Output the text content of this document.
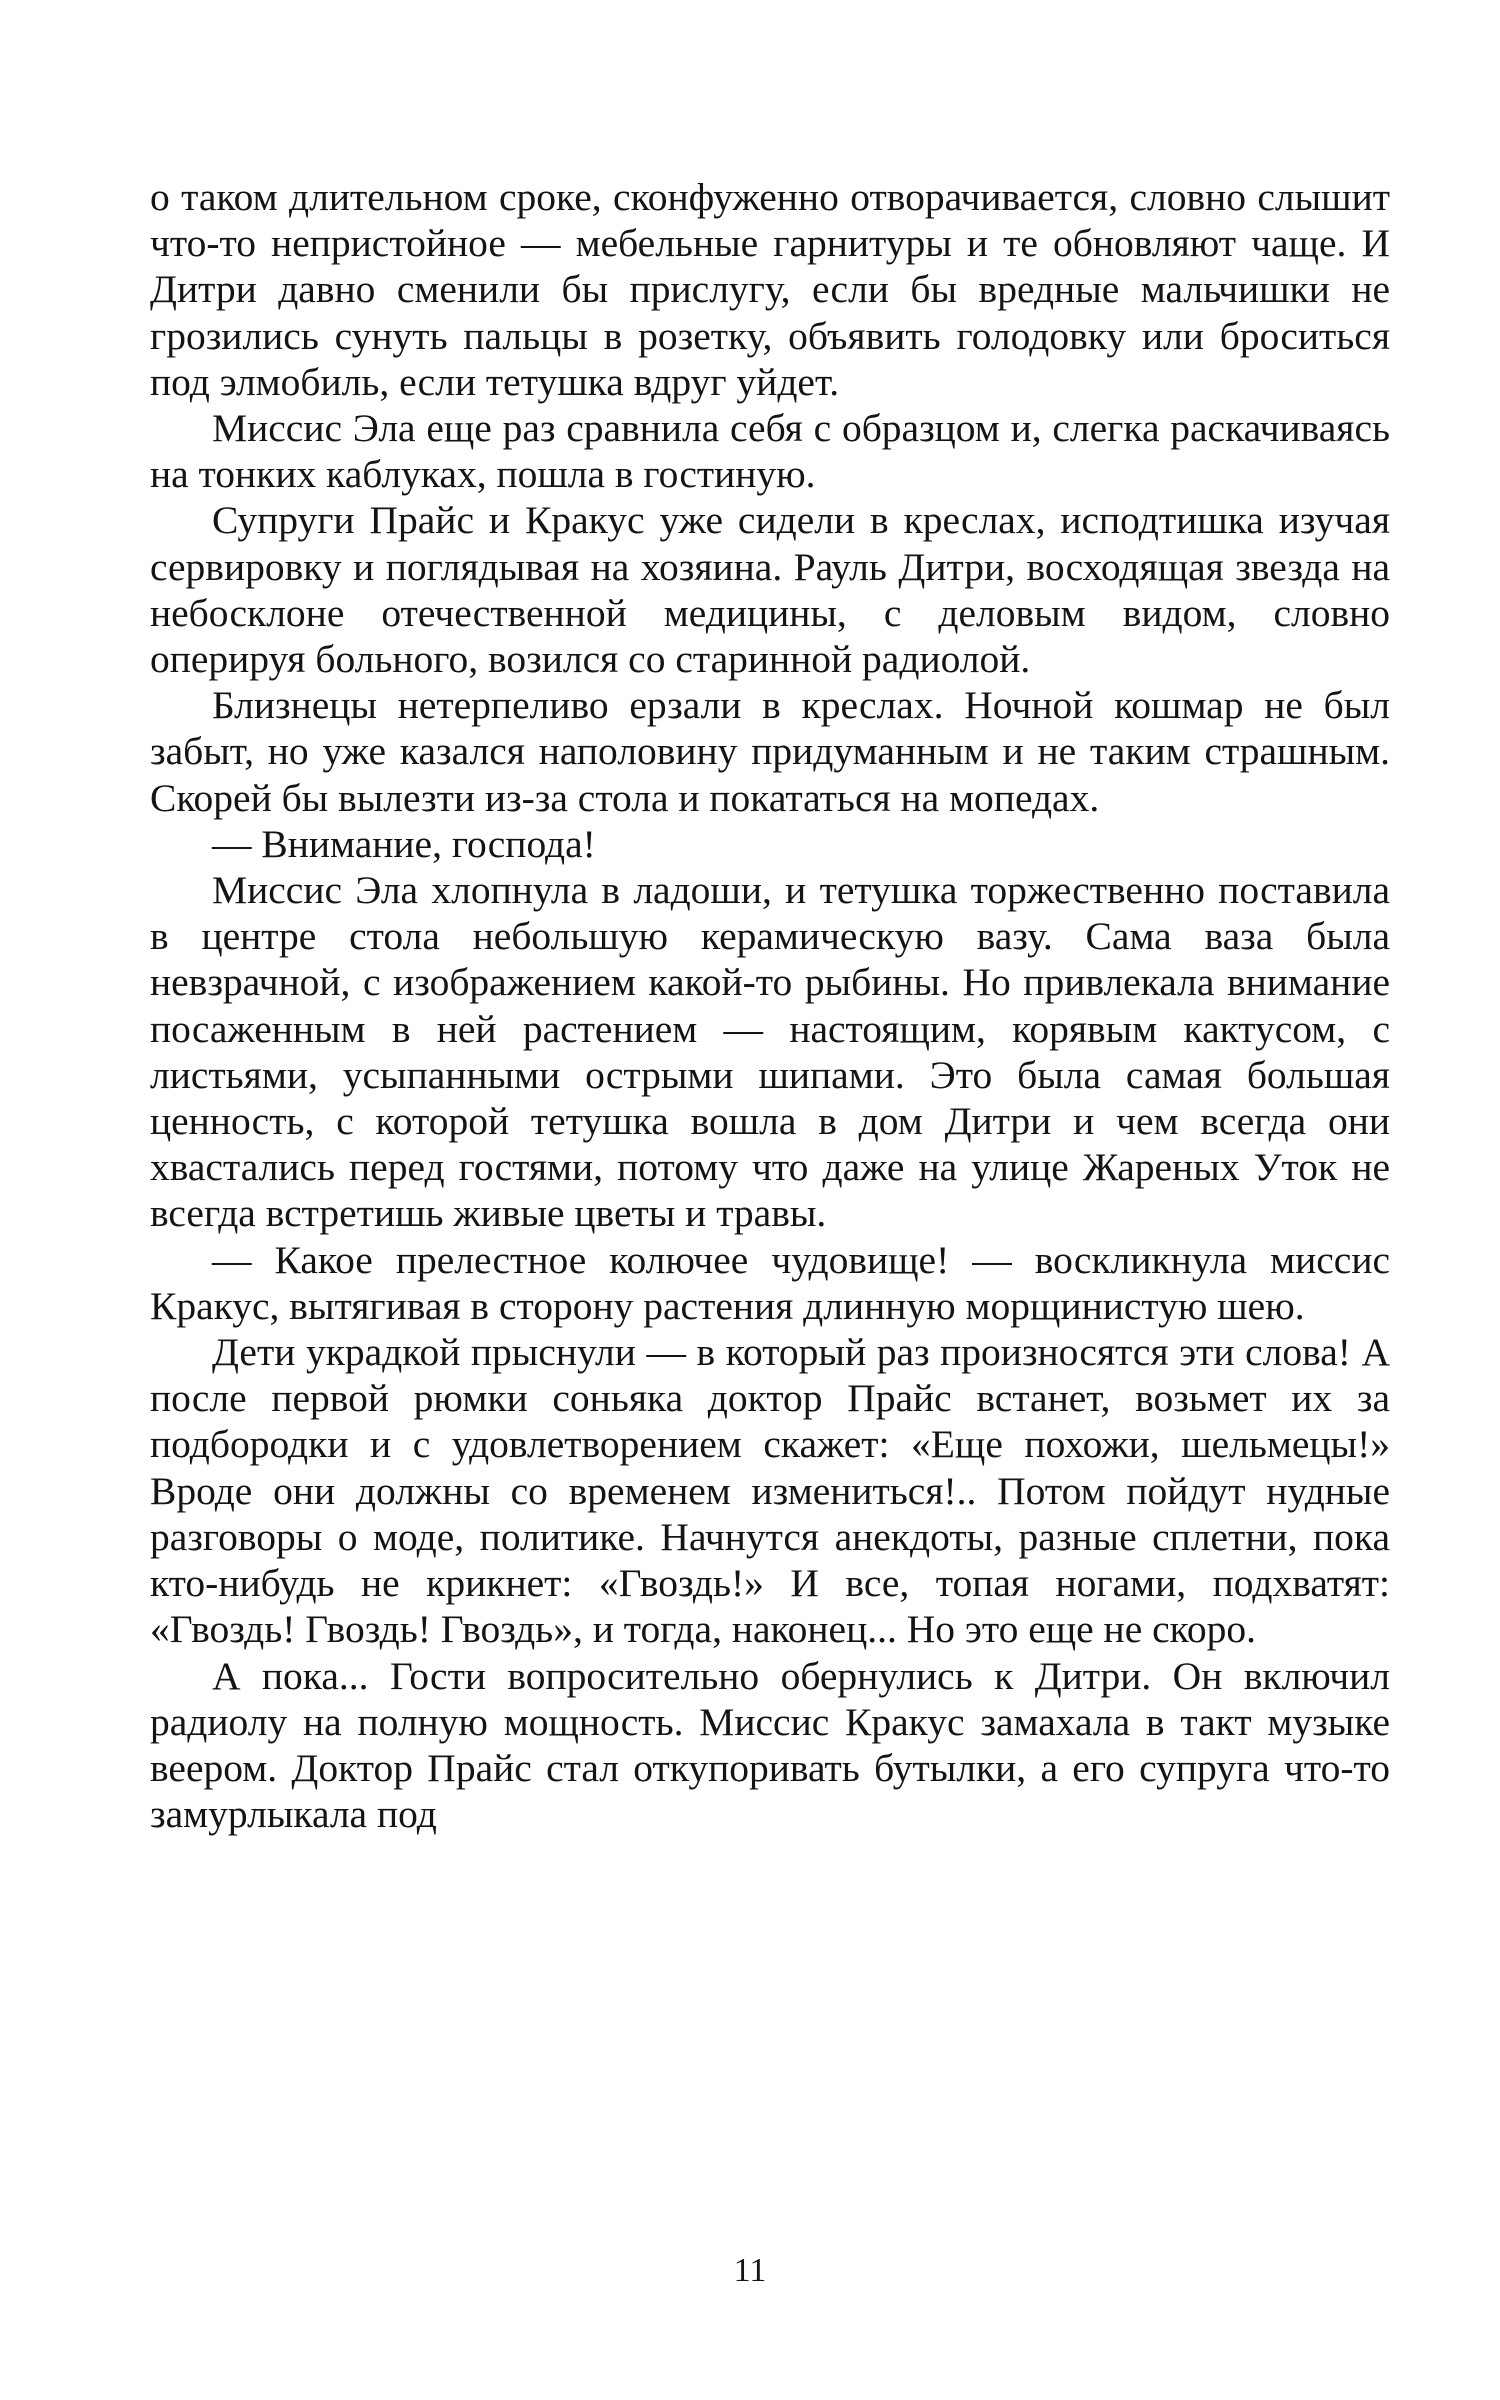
о таком длительном сроке, сконфуженно отворачивается, словно слышит что-то непристойное — мебельные гарнитуры и те обновляют чаще. И Дитри давно сменили бы прислугу, если бы вредные мальчишки не грозились сунуть пальцы в розетку, объявить голодовку или броситься под элмобиль, если тетушка вдруг уйдет.

Миссис Эла еще раз сравнила себя с образцом и, слегка раскачиваясь на тонких каблуках, пошла в гостиную.

Супруги Прайс и Кракус уже сидели в креслах, исподтишка изучая сервировку и поглядывая на хозяина. Рауль Дитри, восходящая звезда на небосклоне отечественной медицины, с деловым видом, словно оперируя больного, возился со старинной радиолой.

Близнецы нетерпеливо ерзали в креслах. Ночной кошмар не был забыт, но уже казался наполовину придуманным и не таким страшным. Скорей бы вылезти из-за стола и покататься на мопедах.

— Внимание, господа!

Миссис Эла хлопнула в ладоши, и тетушка торжественно поставила в центре стола небольшую керамическую вазу. Сама ваза была невзрачной, с изображением какой-то рыбины. Но привлекала внимание посаженным в ней растением — настоящим, корявым кактусом, с листьями, усыпанными острыми шипами. Это была самая большая ценность, с которой тетушка вошла в дом Дитри и чем всегда они хвастались перед гостями, потому что даже на улице Жареных Уток не всегда встретишь живые цветы и травы.

— Какое прелестное колючее чудовище! — воскликнула миссис Кракус, вытягивая в сторону растения длинную морщинистую шею.

Дети украдкой прыснули — в который раз произносятся эти слова! А после первой рюмки соньяка доктор Прайс встанет, возьмет их за подбородки и с удовлетворением скажет: «Еще похожи, шельмецы!» Вроде они должны со временем измениться!.. Потом пойдут нудные разговоры о моде, политике. Начнутся анекдоты, разные сплетни, пока кто-нибудь не крикнет: «Гвоздь!» И все, топая ногами, подхватят: «Гвоздь! Гвоздь! Гвоздь», и тогда, наконец... Но это еще не скоро.

А пока... Гости вопросительно обернулись к Дитри. Он включил радиолу на полную мощность. Миссис Кракус замахала в такт музыке веером. Доктор Прайс стал откупоривать бутылки, а его супруга что-то замурлыкала под

11
